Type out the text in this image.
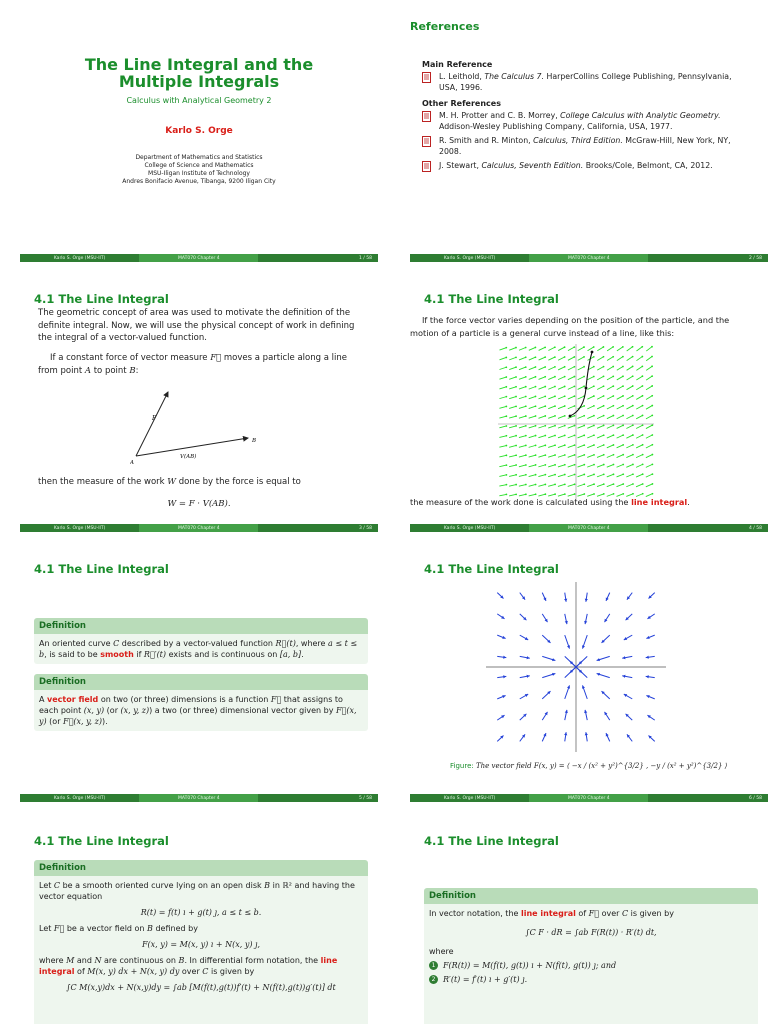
The Line Integral and the
Multiple Integrals
Calculus with Analytical Geometry 2
Karlo S. Orge
Department of Mathematics and Statistics
College of Science and Mathematics
MSU-Iligan Institute of Technology
Andres Bonifacio Avenue, Tibanga, 9200 Iligan City
Karlo S. Orge (MSU-IIT)	MAT070 Chapter 4	1 / 58
References
Main Reference
L. Leithold, The Calculus 7. HarperCollins College Publishing, Pennsylvania, USA, 1996.
Other References
M. H. Protter and C. B. Morrey, College Calculus with Analytic Geometry. Addison-Wesley Publishing Company, California, USA, 1977.
R. Smith and R. Minton, Calculus, Third Edition. McGraw-Hill, New York, NY, 2008.
J. Stewart, Calculus, Seventh Edition. Brooks/Cole, Belmont, CA, 2012.
Karlo S. Orge (MSU-IIT)	MAT070 Chapter 4	2 / 58
4.1 The Line Integral
The geometric concept of area was used to motivate the definition of the definite integral. Now, we will use the physical concept of work in defining the integral of a vector-valued function.
If a constant force of vector measure F⃗ moves a particle along a line from point A to point B:
F
V(AB)
A
B
then the measure of the work W done by the force is equal to
W = F · V(AB).
Karlo S. Orge (MSU-IIT)	MAT070 Chapter 4	3 / 58
4.1 The Line Integral
If the force vector varies depending on the position of the particle, and the motion of a particle is a general curve instead of a line, like this:
the measure of the work done is calculated using the line integral.
Karlo S. Orge (MSU-IIT)	MAT070 Chapter 4	4 / 58
4.1 The Line Integral
Definition
An oriented curve C described by a vector-valued function R⃗(t), where a ≤ t ≤ b, is said to be smooth if R⃗′(t) exists and is continuous on [a, b].
Definition
A vector field on two (or three) dimensions is a function F⃗ that assigns to each point (x, y) (or (x, y, z)) a two (or three) dimensional vector given by F⃗(x, y) (or F⃗(x, y, z)).
Karlo S. Orge (MSU-IIT)	MAT070 Chapter 4	5 / 58
4.1 The Line Integral
Figure: The vector field F(x, y) = ⟨ −x / (x² + y²)^{3/2} , −y / (x² + y²)^{3/2} ⟩
Karlo S. Orge (MSU-IIT)	MAT070 Chapter 4	6 / 58
4.1 The Line Integral
Definition
Let C be a smooth oriented curve lying on an open disk B in ℝ² and having the vector equation
R(t) = f(t) ı + g(t) ȷ, a ≤ t ≤ b.
Let F⃗ be a vector field on B defined by
F(x, y) = M(x, y) ı + N(x, y) ȷ,
where M and N are continuous on B. In differential form notation, the line integral of M(x, y) dx + N(x, y) dy over C is given by
∫C M(x,y)dx + N(x,y)dy = ∫ab [M(f(t),g(t))f′(t) + N(f(t),g(t))g′(t)] dt
4.1 The Line Integral
Definition
In vector notation, the line integral of F⃗ over C is given by
∫C F · dR = ∫ab F(R(t)) · R′(t) dt,
where
1 F(R(t)) = M(f(t), g(t)) ı + N(f(t), g(t)) ȷ; and
2 R′(t) = f′(t) ı + g′(t) ȷ.
